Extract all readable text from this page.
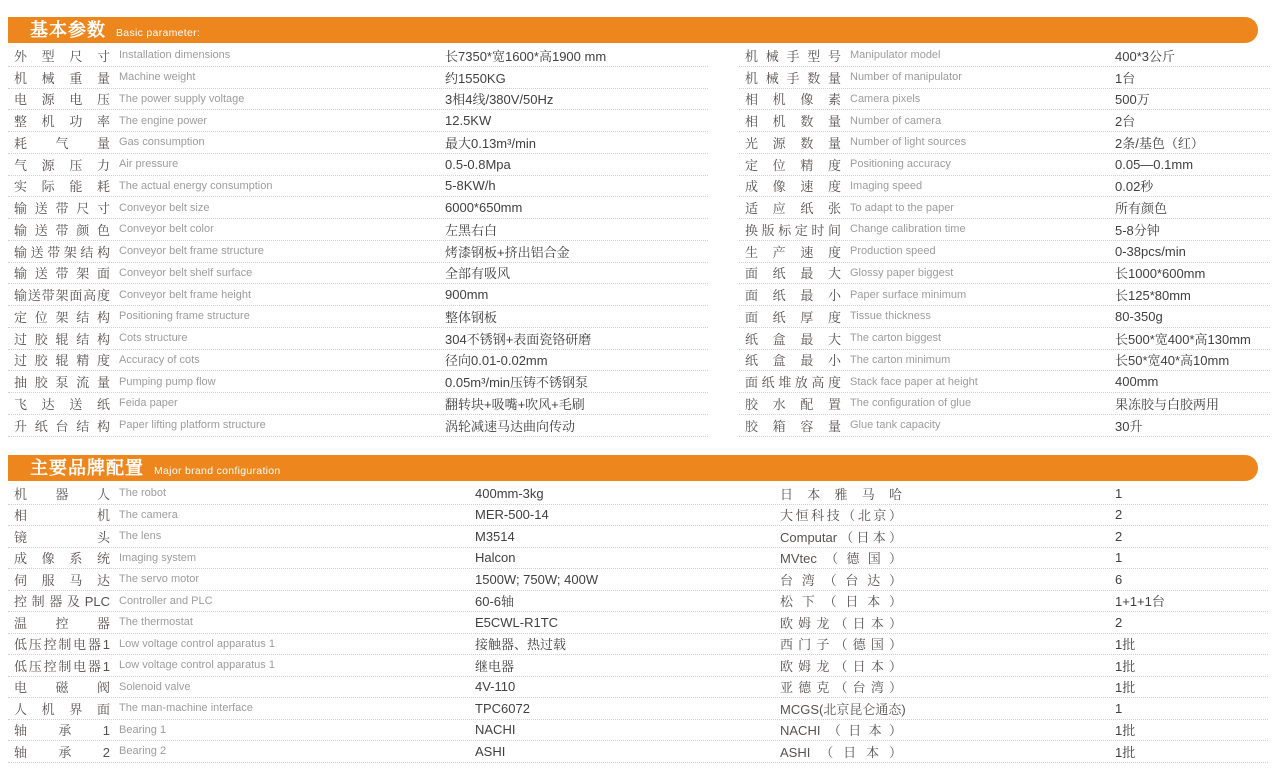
基本参数 Basic parameter:
外型尺寸 Installation dimensions	长7350*宽1600*高1900 mm
机械重量 Machine weight	约1550KG
电源电压 The power supply voltage	3相4线/380V/50Hz
整机功率 The engine power	12.5KW
耗气量 Gas consumption	最大0.13m³/min
气源压力 Air pressure	0.5-0.8Mpa
实际能耗 The actual energy consumption	5-8KW/h
输送带尺寸 Conveyor belt size	6000*650mm
输送带颜色 Conveyor belt color	左黑右白
输送带架结构 Conveyor belt frame structure	烤漆钢板+挤出铝合金
输送带架面 Conveyor belt shelf surface	全部有吸风
输送带架面高度 Conveyor belt frame height	900mm
定位架结构 Positioning frame structure	整体钢板
过胶辊结构 Cots structure	304不锈钢+表面瓷铬研磨
过胶辊精度 Accuracy of cots	径向0.01-0.02mm
抽胶泵流量 Pumping pump flow	0.05m³/min压铸不锈钢泵
飞达送纸 Feida paper	翻转块+吸嘴+吹风+毛刷
升纸台结构 Paper lifting platform structure	涡轮减速马达曲向传动
机械手型号 Manipulator model	400*3公斤
机械手数量 Number of manipulator	1台
相机像素 Camera pixels	500万
相机数量 Number of camera	2台
光源数量 Number of light sources	2条/基色（红）
定位精度 Positioning accuracy	0.05—0.1mm
成像速度 Imaging speed	0.02秒
适应纸张 To adapt to the paper	所有颜色
换版标定时间 Change calibration time	5-8分钟
生产速度 Production speed	0-38pcs/min
面纸最大 Glossy paper biggest	长1000*600mm
面纸最小 Paper surface minimum	长125*80mm
面纸厚度 Tissue thickness	80-350g
纸盒最大 The carton biggest	长500*宽400*高130mm
纸盒最小 The carton minimum	长50*宽40*高10mm
面纸堆放高度 Stack face paper at height	400mm
胶水配置 The configuration of glue	果冻胶与白胶两用
胶箱容量 Glue tank capacity	30升
主要品牌配置 Major brand configuration
机器人 The robot	400mm-3kg	日本雅马哈	1
相机 The camera	MER-500-14	大恒科技（北京）	2
镜头 The lens	M3514	Computar（日本）	2
成像系统 Imaging system	Halcon	MVtec（德国）	1
伺服马达 The servo motor	1500W; 750W; 400W	台湾（台达）	6
控制器及PLC Controller and PLC	60-6轴	松下（日本）	1+1+1台
温控器 The thermostat	E5CWL-R1TC	欧姆龙（日本）	2
低压控制电器1 Low voltage control apparatus 1	接触器、热过载	西门子（德国）	1批
低压控制电器1 Low voltage control apparatus 1	继电器	欧姆龙（日本）	1批
电磁阀 Solenoid valve	4V-110	亚德克（台湾）	1批
人机界面 The man-machine interface	TPC6072	MCGS(北京昆仑通态)	1
轴承1 Bearing 1	NACHI	NACHI（日本）	1批
轴承2 Bearing 2	ASHI	ASHI（日本）	1批
